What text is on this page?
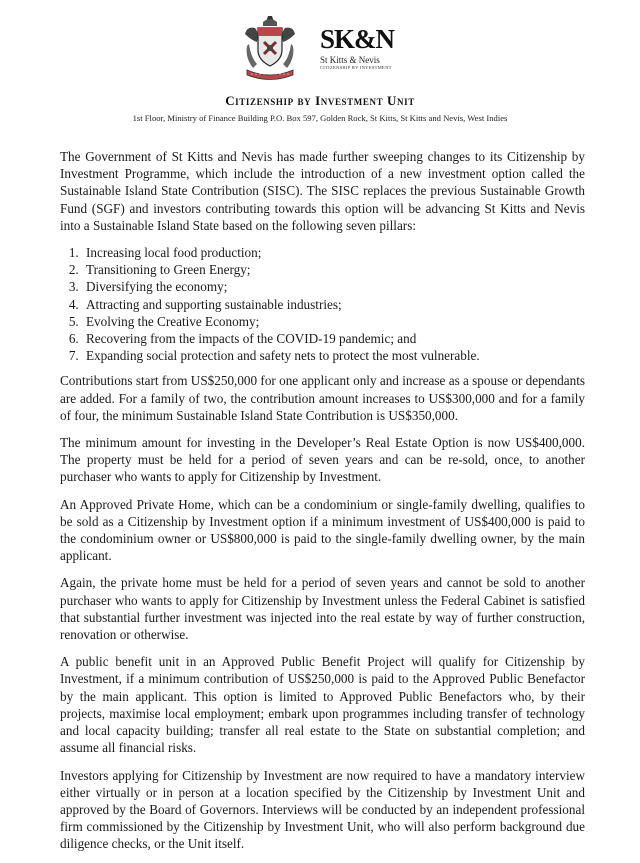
SK&N
St Kitts & Nevis
CITIZENSHIP BY INVESTMENT
Citizenship by Investment Unit
1st Floor, Ministry of Finance Building P.O. Box 597, Golden Rock, St Kitts, St Kitts and Nevis, West Indies

The Government of St Kitts and Nevis has made further sweeping changes to its Citizenship by Investment Programme, which include the introduction of a new investment option called the Sustainable Island State Contribution (SISC). The SISC replaces the previous Sustainable Growth Fund (SGF) and investors contributing towards this option will be advancing St Kitts and Nevis into a Sustainable Island State based on the following seven pillars:

1. Increasing local food production;
2. Transitioning to Green Energy;
3. Diversifying the economy;
4. Attracting and supporting sustainable industries;
5. Evolving the Creative Economy;
6. Recovering from the impacts of the COVID-19 pandemic; and
7. Expanding social protection and safety nets to protect the most vulnerable.

Contributions start from US$250,000 for one applicant only and increase as a spouse or dependants are added. For a family of two, the contribution amount increases to US$300,000 and for a family of four, the minimum Sustainable Island State Contribution is US$350,000.

The minimum amount for investing in the Developer’s Real Estate Option is now US$400,000. The property must be held for a period of seven years and can be re-sold, once, to another purchaser who wants to apply for Citizenship by Investment.

An Approved Private Home, which can be a condominium or single-family dwelling, qualifies to be sold as a Citizenship by Investment option if a minimum investment of US$400,000 is paid to the condominium owner or US$800,000 is paid to the single-family dwelling owner, by the main applicant.

Again, the private home must be held for a period of seven years and cannot be sold to another purchaser who wants to apply for Citizenship by Investment unless the Federal Cabinet is satisfied that substantial further investment was injected into the real estate by way of further construction, renovation or otherwise.

A public benefit unit in an Approved Public Benefit Project will qualify for Citizenship by Investment, if a minimum contribution of US$250,000 is paid to the Approved Public Benefactor by the main applicant. This option is limited to Approved Public Benefactors who, by their projects, maximise local employment; embark upon programmes including transfer of technology and local capacity building; transfer all real estate to the State on substantial completion; and assume all financial risks.

Investors applying for Citizenship by Investment are now required to have a mandatory interview either virtually or in person at a location specified by the Citizenship by Investment Unit and approved by the Board of Governors. Interviews will be conducted by an independent professional firm commissioned by the Citizenship by Investment Unit, who will also perform background due diligence checks, or the Unit itself.
